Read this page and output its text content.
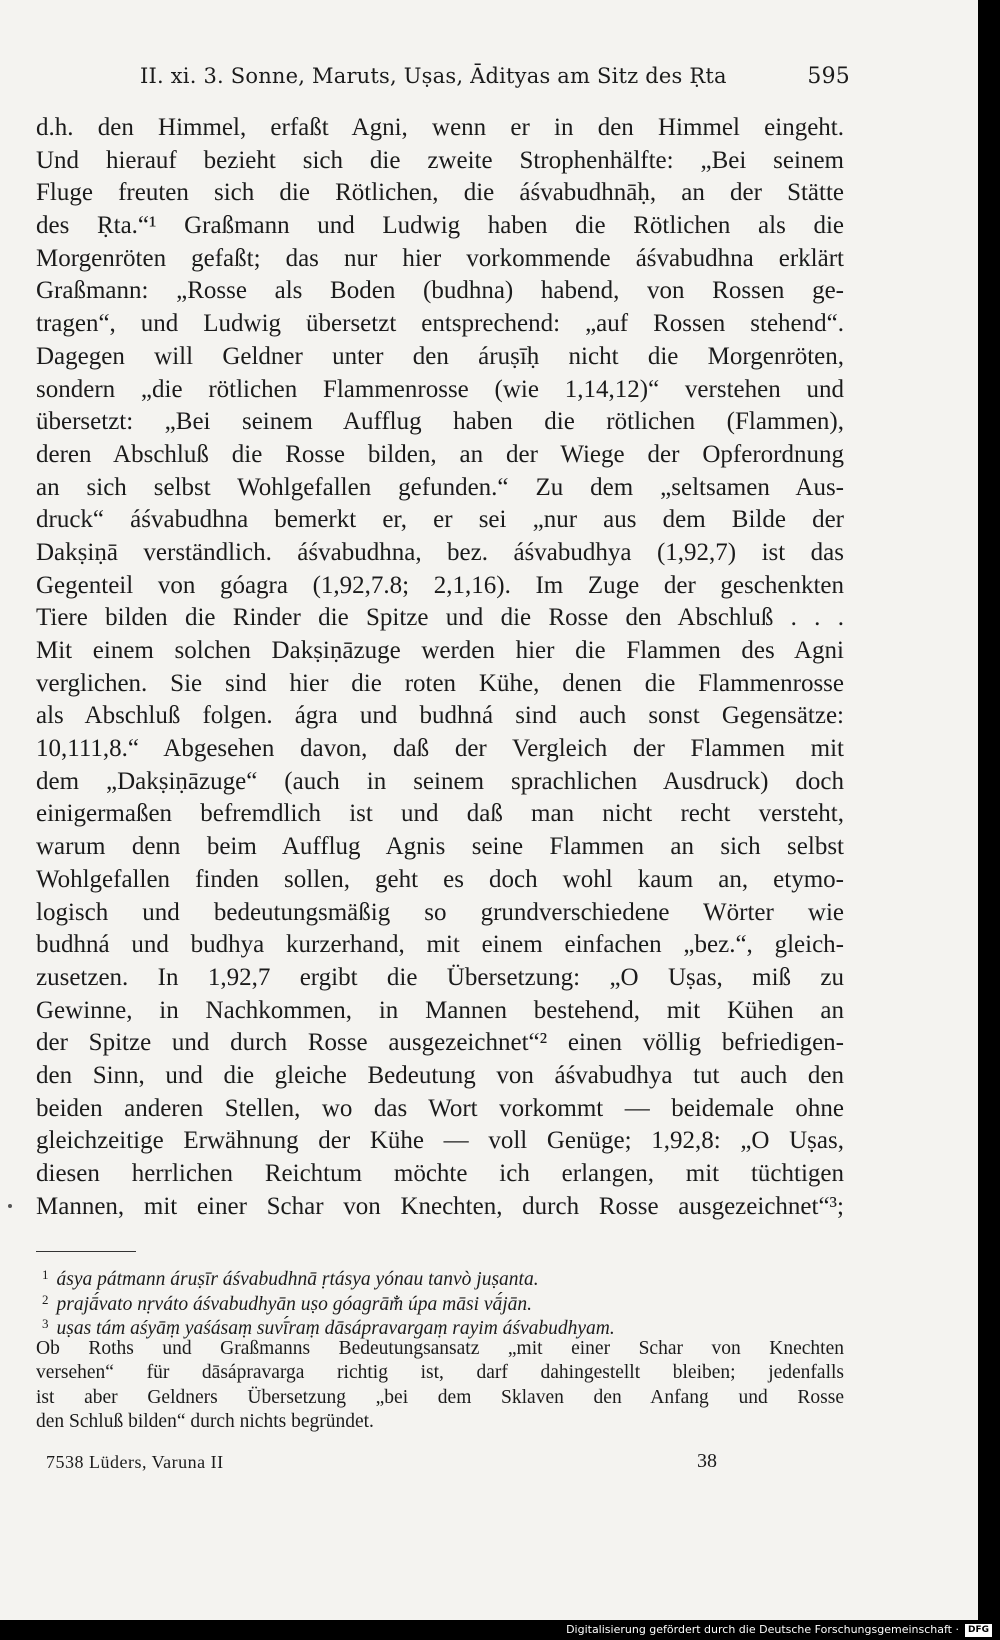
II. xi. 3. Sonne, Maruts, Uṣas, Ādityas am Sitz des Ṛta	595
d.h. den Himmel, erfaßt Agni, wenn er in den Himmel eingeht.
Und hierauf bezieht sich die zweite Strophenhälfte: „Bei seinem
Fluge freuten sich die Rötlichen, die áśvabudhnāḥ, an der Stätte
des Ṛta.“¹ Graßmann und Ludwig haben die Rötlichen als die
Morgenröten gefaßt; das nur hier vorkommende áśvabudhna erklärt
Graßmann: „Rosse als Boden (budhna) habend, von Rossen ge-
tragen“, und Ludwig übersetzt entsprechend: „auf Rossen stehend“.
Dagegen will Geldner unter den áruṣīḥ nicht die Morgenröten,
sondern „die rötlichen Flammenrosse (wie 1,14,12)“ verstehen und
übersetzt: „Bei seinem Aufflug haben die rötlichen (Flammen),
deren Abschluß die Rosse bilden, an der Wiege der Opferordnung
an sich selbst Wohlgefallen gefunden.“ Zu dem „seltsamen Aus-
druck“ áśvabudhna bemerkt er, er sei „nur aus dem Bilde der
Dakṣiṇā verständlich. áśvabudhna, bez. áśvabudhya (1,92,7) ist das
Gegenteil von góagra (1,92,7.8; 2,1,16). Im Zuge der geschenkten
Tiere bilden die Rinder die Spitze und die Rosse den Abschluß . . .
Mit einem solchen Dakṣiṇāzuge werden hier die Flammen des Agni
verglichen. Sie sind hier die roten Kühe, denen die Flammenrosse
als Abschluß folgen. ágra und budhná sind auch sonst Gegensätze:
10,111,8.“ Abgesehen davon, daß der Vergleich der Flammen mit
dem „Dakṣiṇāzuge“ (auch in seinem sprachlichen Ausdruck) doch
einigermaßen befremdlich ist und daß man nicht recht versteht,
warum denn beim Aufflug Agnis seine Flammen an sich selbst
Wohlgefallen finden sollen, geht es doch wohl kaum an, etymo-
logisch und bedeutungsmäßig so grundverschiedene Wörter wie
budhná und budhya kurzerhand, mit einem einfachen „bez.“, gleich-
zusetzen. In 1,92,7 ergibt die Übersetzung: „O Uṣas, miß zu
Gewinne, in Nachkommen, in Mannen bestehend, mit Kühen an
der Spitze und durch Rosse ausgezeichnet“² einen völlig befriedigen-
den Sinn, und die gleiche Bedeutung von áśvabudhya tut auch den
beiden anderen Stellen, wo das Wort vorkommt — beidemale ohne
gleichzeitige Erwähnung der Kühe — voll Genüge; 1,92,8: „O Uṣas,
diesen herrlichen Reichtum möchte ich erlangen, mit tüchtigen
Mannen, mit einer Schar von Knechten, durch Rosse ausgezeichnet“³;
$^1$ ásya pátmann áruṣīr áśvabudhnā ṛtásya yónau tanvò juṣanta.
$^2$ prajā́vato nṛváto áśvabudhyān uṣo góagrām̐ úpa māsi vā́jān.
$^3$ uṣas tám aśyāṃ yaśásaṃ suvī́raṃ dāsápravargaṃ rayim áśvabudhyam.
Ob Roths und Graßmanns Bedeutungsansatz „mit einer Schar von Knechten
versehen“ für dāsápravarga richtig ist, darf dahingestellt bleiben; jedenfalls
ist aber Geldners Übersetzung „bei dem Sklaven den Anfang und Rosse
den Schluß bilden“ durch nichts begründet.
7538 Lüders, Varuna II	38
Digitalisierung gefördert durch die Deutsche Forschungsgemeinschaft · DFG
